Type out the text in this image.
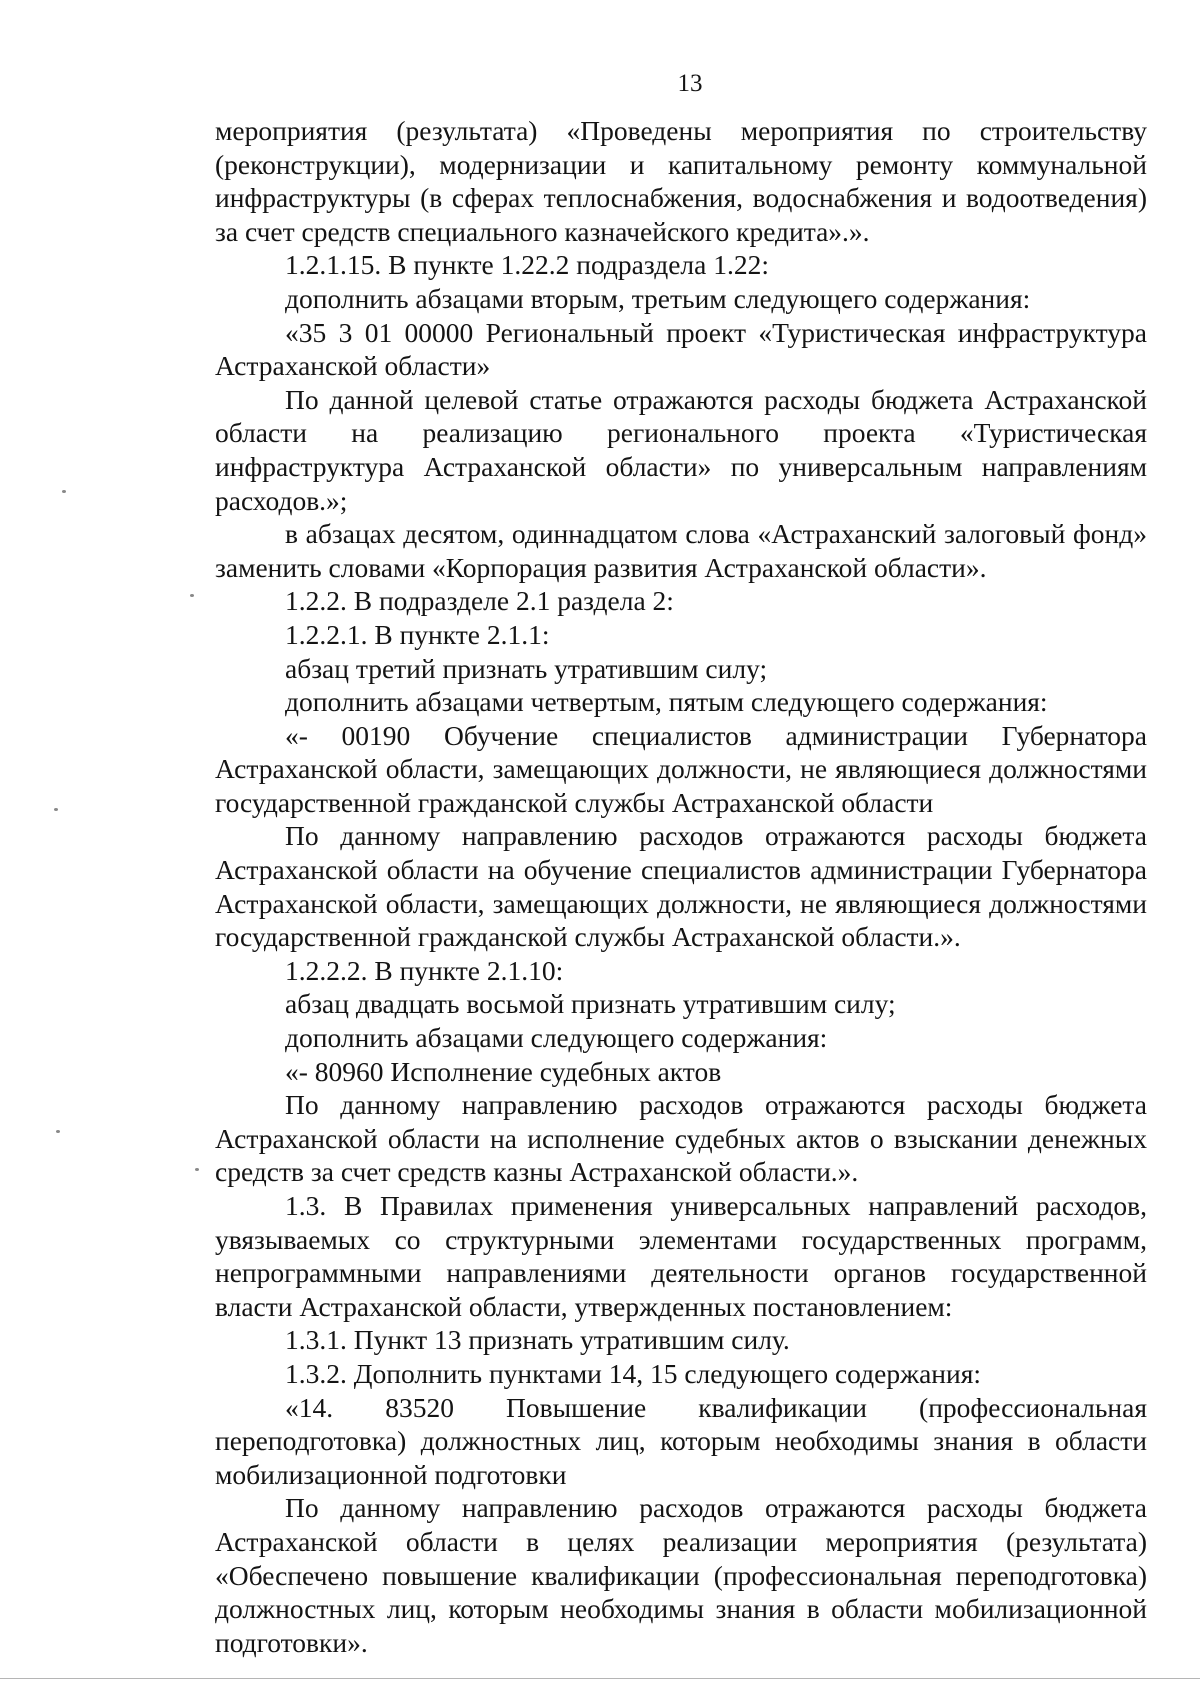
13

мероприятия (результата) «Проведены мероприятия по строительству (реконструкции), модернизации и капитальному ремонту коммунальной инфраструктуры (в сферах теплоснабжения, водоснабжения и водоотведения) за счет средств специального казначейского кредита».».

1.2.1.15. В пункте 1.22.2 подраздела 1.22:

дополнить абзацами вторым, третьим следующего содержания:

«35 3 01 00000 Региональный проект «Туристическая инфраструктура Астраханской области»

По данной целевой статье отражаются расходы бюджета Астраханской области на реализацию регионального проекта «Туристическая инфраструктура Астраханской области» по универсальным направлениям расходов.»;

в абзацах десятом, одиннадцатом слова «Астраханский залоговый фонд» заменить словами «Корпорация развития Астраханской области».

1.2.2. В подразделе 2.1 раздела 2:

1.2.2.1. В пункте 2.1.1:

абзац третий признать утратившим силу;

дополнить абзацами четвертым, пятым следующего содержания:

«- 00190 Обучение специалистов администрации Губернатора Астраханской области, замещающих должности, не являющиеся должностями государственной гражданской службы Астраханской области

По данному направлению расходов отражаются расходы бюджета Астраханской области на обучение специалистов администрации Губернатора Астраханской области, замещающих должности, не являющиеся должностями государственной гражданской службы Астраханской области.».

1.2.2.2. В пункте 2.1.10:

абзац двадцать восьмой признать утратившим силу;

дополнить абзацами следующего содержания:

«- 80960 Исполнение судебных актов

По данному направлению расходов отражаются расходы бюджета Астраханской области на исполнение судебных актов о взыскании денежных средств за счет средств казны Астраханской области.».

1.3. В Правилах применения универсальных направлений расходов, увязываемых со структурными элементами государственных программ, непрограммными направлениями деятельности органов государственной власти Астраханской области, утвержденных постановлением:

1.3.1. Пункт 13 признать утратившим силу.

1.3.2. Дополнить пунктами 14, 15 следующего содержания:

«14. 83520 Повышение квалификации (профессиональная переподготовка) должностных лиц, которым необходимы знания в области мобилизационной подготовки

По данному направлению расходов отражаются расходы бюджета Астраханской области в целях реализации мероприятия (результата) «Обеспечено повышение квалификации (профессиональная переподготовка) должностных лиц, которым необходимы знания в области мобилизационной подготовки».
